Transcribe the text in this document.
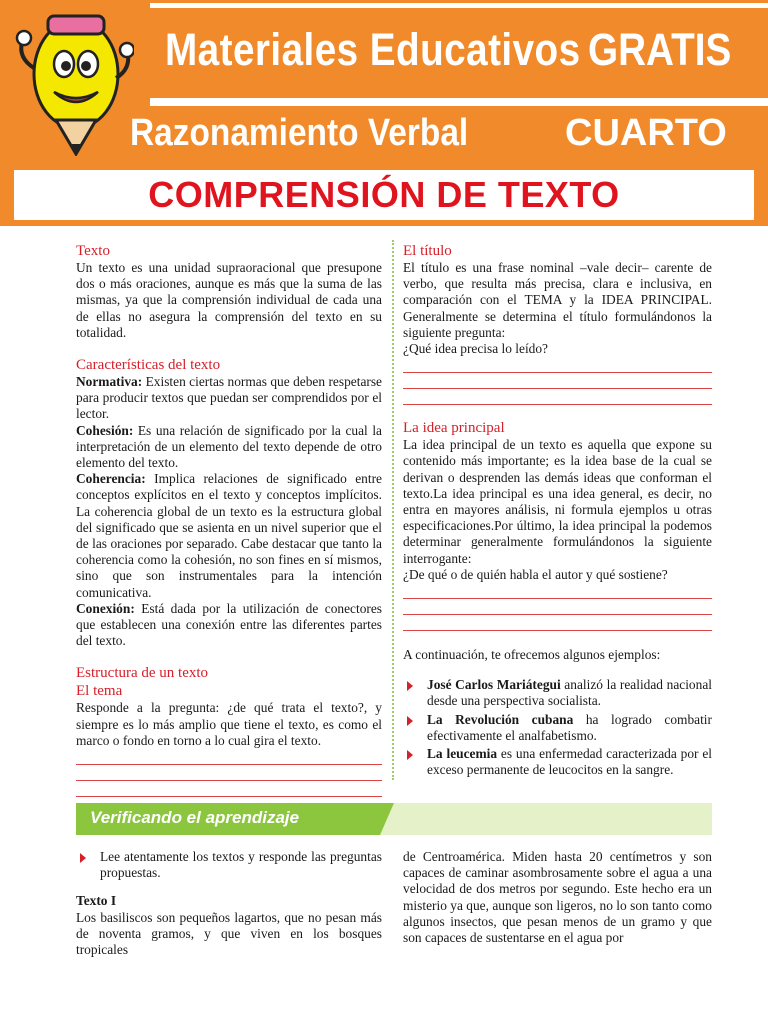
Materiales Educativos GRATIS
Razonamiento Verbal	CUARTO
COMPRENSIÓN DE TEXTO
Texto

Un texto es una unidad supraoracional que presupone dos o más oraciones, aunque es más que la suma de las mismas, ya que la comprensión individual de cada una de ellas no asegura la comprensión del texto en su totalidad.

Características del texto

Normativa: Existen ciertas normas que deben respetarse para producir textos que puedan ser comprendidos por el lector.

Cohesión: Es una relación de significado por la cual la interpretación de un elemento del texto depende de otro elemento del texto.

Coherencia: Implica relaciones de significado entre conceptos explícitos en el texto y conceptos implícitos. La coherencia global de un texto es la estructura global del significado que se asienta en un nivel superior que el de las oraciones por separado. Cabe destacar que tanto la coherencia como la cohesión, no son fines en sí mismos, sino que son instrumentales para la intención comunicativa.

Conexión: Está dada por la utilización de conectores que establecen una conexión entre las diferentes partes del texto.

Estructura de un texto
El tema

Responde a la pregunta: ¿de qué trata el texto?, y siempre es lo más amplio que tiene el texto, es como el marco o fondo en torno a lo cual gira el texto.

El título

El título es una frase nominal –vale decir– carente de verbo, que resulta más precisa, clara e inclusiva, en comparación con el TEMA y la IDEA PRINCIPAL. Generalmente se determina el título formulándonos la siguiente pregunta:

¿Qué idea precisa lo leído?

La idea principal

La idea principal de un texto es aquella que expone su contenido más importante; es la idea base de la cual se derivan o desprenden las demás ideas que conforman el texto.La idea principal es una idea general, es decir, no entra en mayores análisis, ni formula ejemplos u otras especificaciones.Por último, la idea principal la podemos determinar generalmente formulándonos la siguiente interrogante:

¿De qué o de quién habla el autor y qué sostiene?

A continuación, te ofrecemos algunos ejemplos:

José Carlos Mariátegui analizó la realidad nacional desde una perspectiva socialista.
La Revolución cubana ha logrado combatir efectivamente el analfabetismo.
La leucemia es una enfermedad caracterizada por el exceso permanente de leucocitos en la sangre.
Verificando el aprendizaje
Lee atentamente los textos y responde las preguntas propuestas.
Texto I

Los basiliscos son pequeños lagartos, que no pesan más de noventa gramos, y que viven en los bosques tropicales

de Centroamérica. Miden hasta 20 centímetros y son capaces de caminar asombrosamente sobre el agua a una velocidad de dos metros por segundo. Este hecho era un misterio ya que, aunque son ligeros, no lo son tanto como algunos insectos, que pesan menos de un gramo y que son capaces de sustentarse en el agua por
